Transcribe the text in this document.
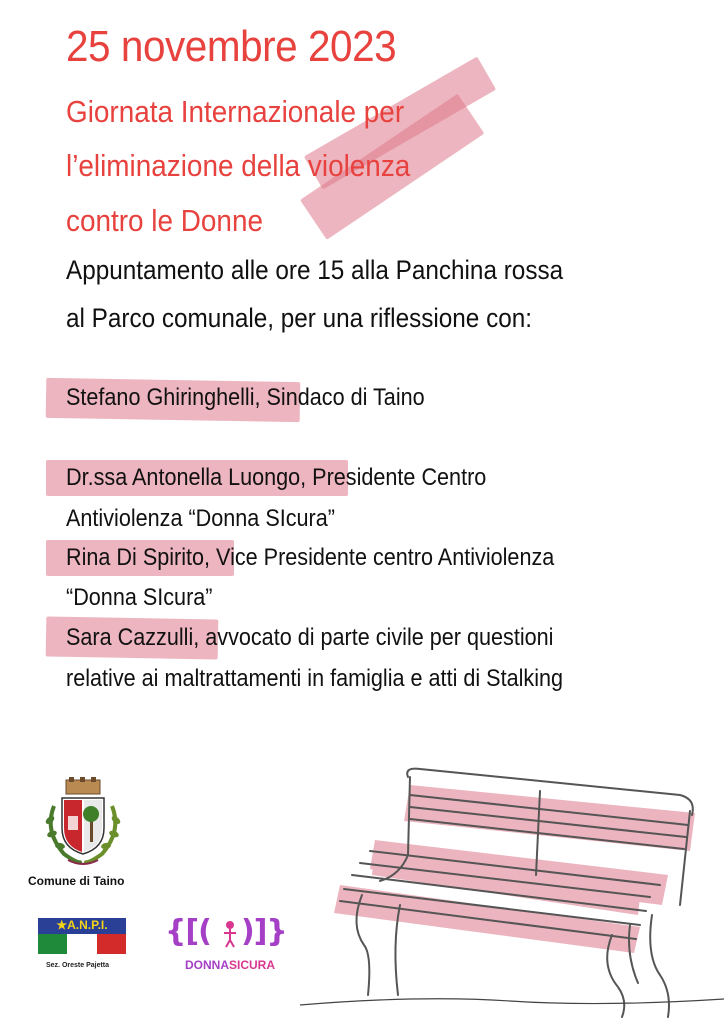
25 novembre 2023
Giornata Internazionale per
l’eliminazione della violenza
contro le Donne
Appuntamento alle ore 15 alla Panchina rossa
al Parco comunale, per una riflessione con:
Stefano Ghiringhelli, Sindaco di Taino
Dr.ssa Antonella Luongo, Presidente Centro
Antiviolenza “Donna SIcura”
Rina Di Spirito, Vice Presidente centro Antiviolenza
“Donna SIcura”
Sara Cazzulli, avvocato di parte civile per questioni
relative ai maltrattamenti in famiglia e atti di Stalking
Comune di Taino
★A.N.P.I.
Sez. Oreste Pajetta
{[( )]}
DONNASICURA
